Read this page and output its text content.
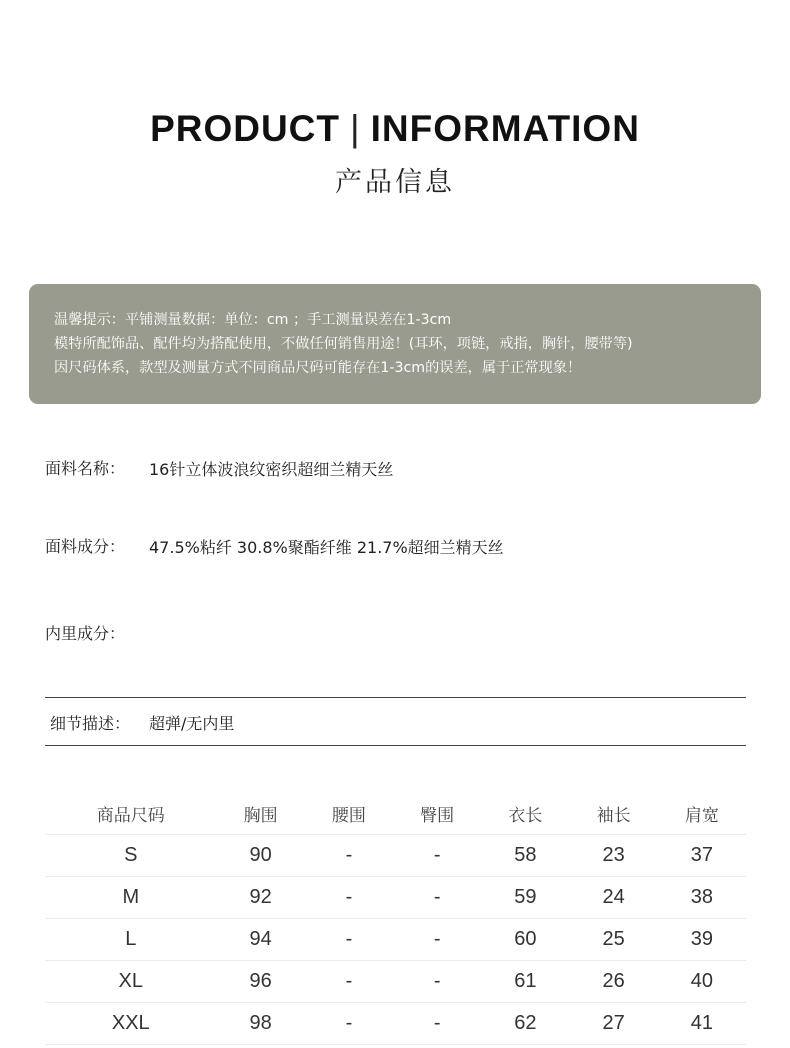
PRODUCT | INFORMATION
产品信息
温馨提示：平铺测量数据：单位：cm ；手工测量误差在1-3cm
模特所配饰品、配件均为搭配使用，不做任何销售用途！(耳环，项链，戒指，胸针，腰带等)
因尺码体系，款型及测量方式不同商品尺码可能存在1-3cm的误差，属于正常现象！
面料名称： 16针立体波浪纹密织超细兰精天丝
面料成分： 47.5%粘纤 30.8%聚酯纤维 21.7%超细兰精天丝
内里成分：
细节描述： 超弹/无内里
商品尺码	胸围	腰围	臀围	衣长	袖长	肩宽
S	90	-	-	58	23	37
M	92	-	-	59	24	38
L	94	-	-	60	25	39
XL	96	-	-	61	26	40
XXL	98	-	-	62	27	41
